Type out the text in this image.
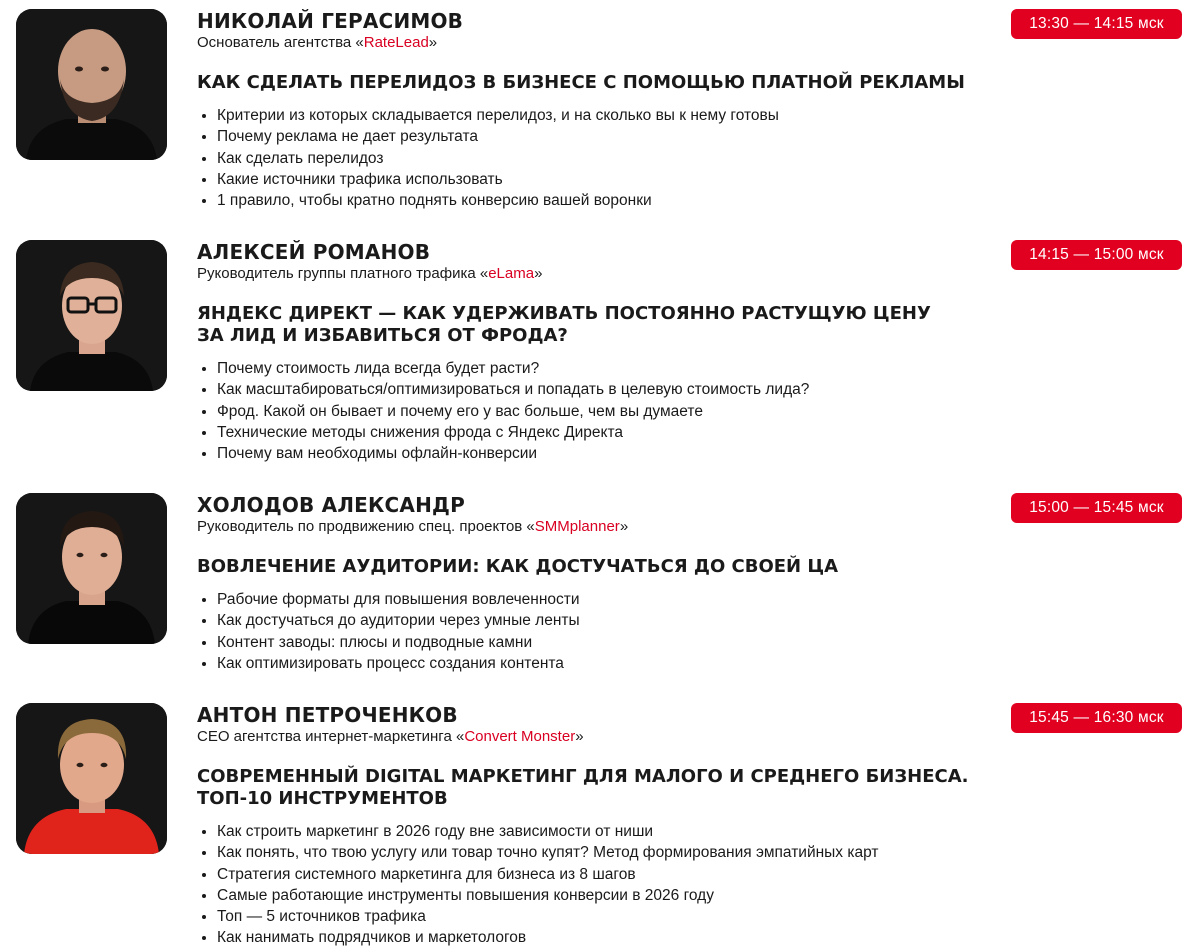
НИКОЛАЙ ГЕРАСИМОВ
Основатель агентства «RateLead»
КАК СДЕЛАТЬ ПЕРЕЛИДОЗ В БИЗНЕСЕ С ПОМОЩЬЮ ПЛАТНОЙ РЕКЛАМЫ
Критерии из которых складывается перелидоз, и на сколько вы к нему готовы
Почему реклама не дает результата
Как сделать перелидоз
Какие источники трафика использовать
1 правило, чтобы кратно поднять конверсию вашей воронки
13:30 — 14:15 мск
АЛЕКСЕЙ РОМАНОВ
Руководитель группы платного трафика «eLama»
ЯНДЕКС ДИРЕКТ — КАК УДЕРЖИВАТЬ ПОСТОЯННО РАСТУЩУЮ ЦЕНУ ЗА ЛИД И ИЗБАВИТЬСЯ ОТ ФРОДА?
Почему стоимость лида всегда будет расти?
Как масштабироваться/оптимизироваться и попадать в целевую стоимость лида?
Фрод. Какой он бывает и почему его у вас больше, чем вы думаете
Технические методы снижения фрода с Яндекс Директа
Почему вам необходимы офлайн-конверсии
14:15 — 15:00 мск
ХОЛОДОВ АЛЕКСАНДР
Руководитель по продвижению спец. проектов «SMMplanner»
ВОВЛЕЧЕНИЕ АУДИТОРИИ: КАК ДОСТУЧАТЬСЯ ДО СВОЕЙ ЦА
Рабочие форматы для повышения вовлеченности
Как достучаться до аудитории через умные ленты
Контент заводы: плюсы и подводные камни
Как оптимизировать процесс создания контента
15:00 — 15:45 мск
АНТОН ПЕТРОЧЕНКОВ
CEO агентства интернет-маркетинга «Convert Monster»
СОВРЕМЕННЫЙ DIGITAL МАРКЕТИНГ ДЛЯ МАЛОГО И СРЕДНЕГО БИЗНЕСА. ТОП-10 ИНСТРУМЕНТОВ
Как строить маркетинг в 2026 году вне зависимости от ниши
Как понять, что твою услугу или товар точно купят? Метод формирования эмпатийных карт
Стратегия системного маркетинга для бизнеса из 8 шагов
Самые работающие инструменты повышения конверсии в 2026 году
Топ — 5 источников трафика
Как нанимать подрядчиков и маркетологов
15:45 — 16:30 мск
